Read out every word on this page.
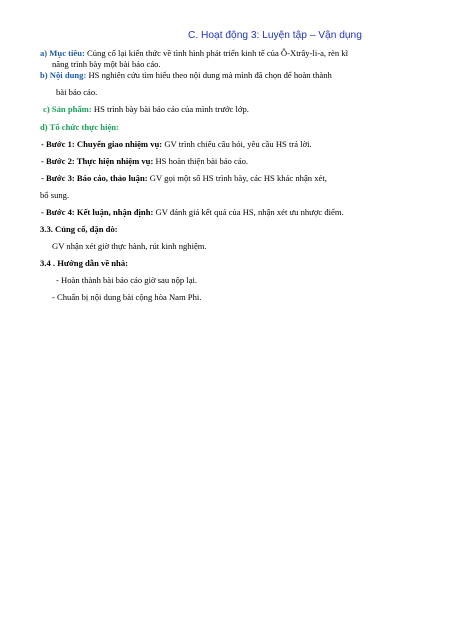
C. Hoạt động 3: Luyện tập – Vận dụng
a) Mục tiêu: Củng cố lại kiến thức về tình hình phát triển kinh tế của Ô-Xtrây-li-a, rèn kĩ
năng trình bày một bài báo cáo.
b) Nội dung: HS nghiên cứu tìm hiểu theo nội dung mà mình đã chọn để hoàn thành
bài báo cáo.
c) Sản phẩm: HS trình bày bài báo cáo của mình trước lớp.
d) Tổ chức thực hiện:
- Bước 1: Chuyển giao nhiệm vụ: GV trình chiếu câu hỏi, yêu cầu HS trả lời.
- Bước 2: Thực hiện nhiệm vụ: HS hoàn thiện bài báo cáo.
- Bước 3: Báo cáo, thảo luận: GV gọi một số HS trình bày, các HS khác nhận xét,
bổ sung.
- Bước 4: Kết luận, nhận định: GV đánh giá kết quả của HS, nhận xét ưu nhược điểm.
3.3. Củng cố, dặn dò:
GV nhận xét giờ thực hành, rút kinh nghiệm.
3.4 . Hướng dẫn về nhà:
- Hoàn thành bài báo cáo giờ sau nộp lại.
- Chuẩn bị nội dung bài cộng hòa Nam Phi.
